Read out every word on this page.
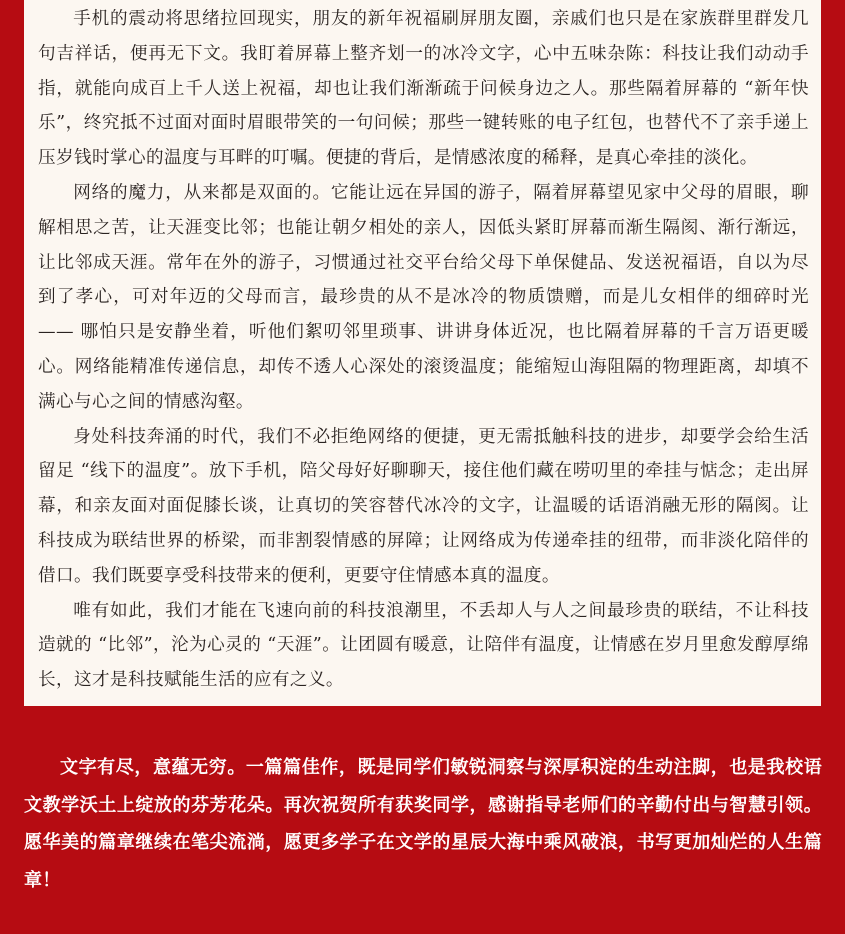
手机的震动将思绪拉回现实，朋友的新年祝福刷屏朋友圈，亲戚们也只是在家族群里群发几句吉祥话，便再无下文。我盯着屏幕上整齐划一的冰冷文字，心中五味杂陈：科技让我们动动手指，就能向成百上千人送上祝福，却也让我们渐渐疏于问候身边之人。那些隔着屏幕的 “新年快乐”，终究抵不过面对面时眉眼带笑的一句问候；那些一键转账的电子红包，也替代不了亲手递上压岁钱时掌心的温度与耳畔的叮嘱。便捷的背后，是情感浓度的稀释，是真心牵挂的淡化。

网络的魔力，从来都是双面的。它能让远在异国的游子，隔着屏幕望见家中父母的眉眼，聊解相思之苦，让天涯变比邻；也能让朝夕相处的亲人，因低头紧盯屏幕而渐生隔阂、渐行渐远，让比邻成天涯。常年在外的游子，习惯通过社交平台给父母下单保健品、发送祝福语，自以为尽到了孝心，可对年迈的父母而言，最珍贵的从不是冰冷的物质馈赠，而是儿女相伴的细碎时光 —— 哪怕只是安静坐着，听他们絮叨邻里琐事、讲讲身体近况，也比隔着屏幕的千言万语更暖心。网络能精准传递信息，却传不透人心深处的滚烫温度；能缩短山海阻隔的物理距离，却填不满心与心之间的情感沟壑。

身处科技奔涌的时代，我们不必拒绝网络的便捷，更无需抵触科技的进步，却要学会给生活留足 “线下的温度”。放下手机，陪父母好好聊聊天，接住他们藏在唠叨里的牵挂与惦念；走出屏幕，和亲友面对面促膝长谈，让真切的笑容替代冰冷的文字，让温暖的话语消融无形的隔阂。让科技成为联结世界的桥梁，而非割裂情感的屏障；让网络成为传递牵挂的纽带，而非淡化陪伴的借口。我们既要享受科技带来的便利，更要守住情感本真的温度。

唯有如此，我们才能在飞速向前的科技浪潮里，不丢却人与人之间最珍贵的联结，不让科技造就的 “比邻”，沦为心灵的 “天涯”。让团圆有暖意，让陪伴有温度，让情感在岁月里愈发醇厚绵长，这才是科技赋能生活的应有之义。

文字有尽，意蕴无穷。一篇篇佳作，既是同学们敏锐洞察与深厚积淀的生动注脚，也是我校语文教学沃土上绽放的芬芳花朵。再次祝贺所有获奖同学，感谢指导老师们的辛勤付出与智慧引领。愿华美的篇章继续在笔尖流淌，愿更多学子在文学的星辰大海中乘风破浪，书写更加灿烂的人生篇章！
